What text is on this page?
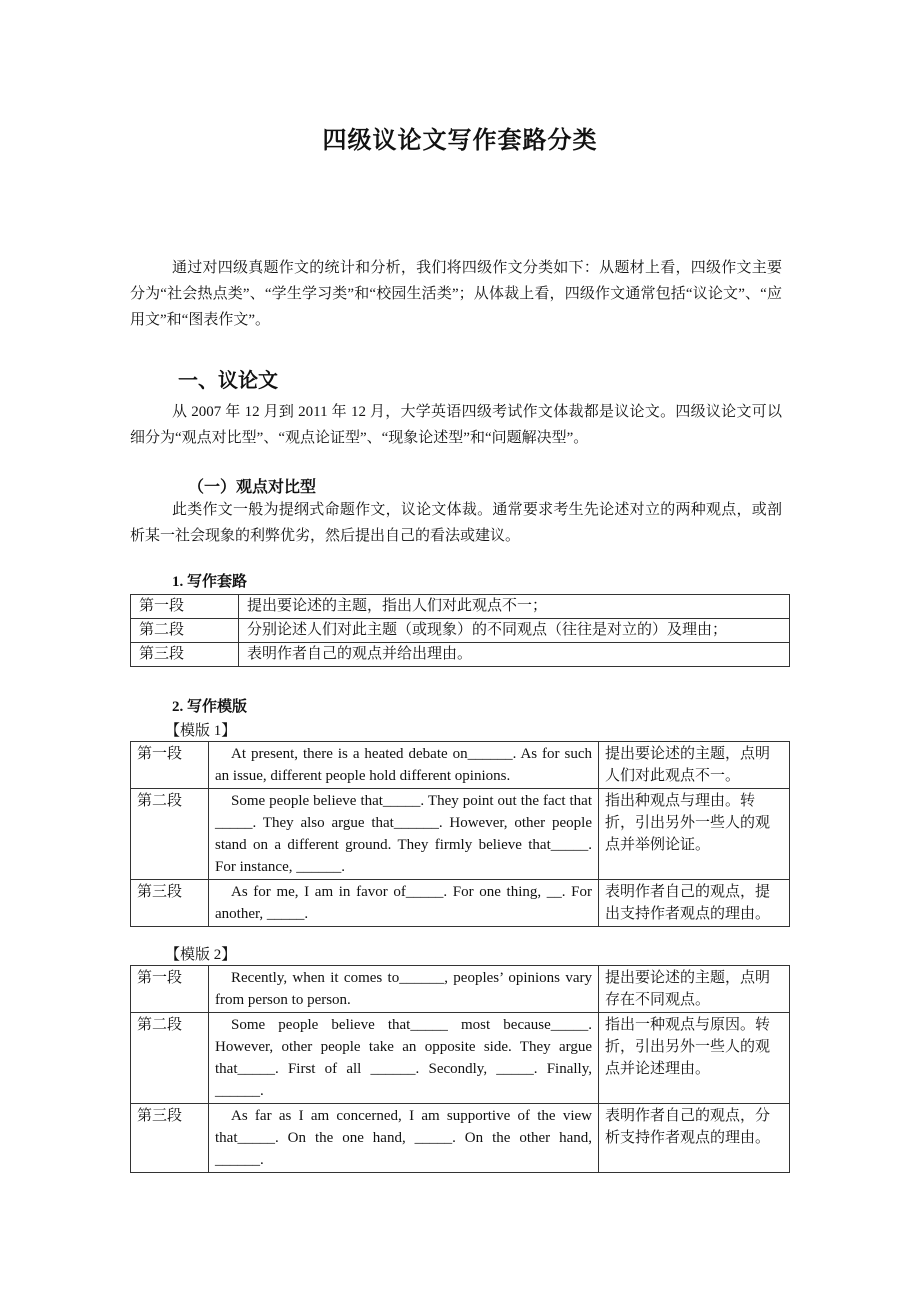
四级议论文写作套路分类
通过对四级真题作文的统计和分析，我们将四级作文分类如下：从题材上看，四级作文主要分为“社会热点类”、“学生学习类”和“校园生活类”；从体裁上看，四级作文通常包括“议论文”、“应用文”和“图表作文”。
一、议论文
从 2007 年 12 月到 2011 年 12 月，大学英语四级考试作文体裁都是议论文。四级议论文可以细分为“观点对比型”、“观点论证型”、“现象论述型”和“问题解决型”。
（一）观点对比型
此类作文一般为提纲式命题作文，议论文体裁。通常要求考生先论述对立的两种观点，或剖析某一社会现象的利弊优劣，然后提出自己的看法或建议。
1. 写作套路
第一段	提出要论述的主题，指出人们对此观点不一；
第二段	分别论述人们对此主题（或现象）的不同观点（往往是对立的）及理由；
第三段	表明作者自己的观点并给出理由。
2. 写作模版
【模版 1】
第一段	At present, there is a heated debate on______. As for such an issue, different people hold different opinions.	提出要论述的主题，点明人们对此观点不一。
第二段	Some people believe that_____. They point out the fact that _____. They also argue that______. However, other people stand on a different ground. They firmly believe that_____. For instance, ______.	指出种观点与理由。转折，引出另外一些人的观点并举例论证。
第三段	As for me, I am in favor of_____. For one thing, __. For another, _____.	表明作者自己的观点，提出支持作者观点的理由。
【模版 2】
第一段	Recently, when it comes to______, peoples’ opinions vary from person to person.	提出要论述的主题，点明存在不同观点。
第二段	Some people believe that_____ most because_____. However, other people take an opposite side. They argue that_____. First of all ______. Secondly, _____. Finally, ______.	指出一种观点与原因。转折，引出另外一些人的观点并论述理由。
第三段	As far as I am concerned, I am supportive of the view that_____. On the one hand, _____. On the other hand, ______.	表明作者自己的观点，分析支持作者观点的理由。
